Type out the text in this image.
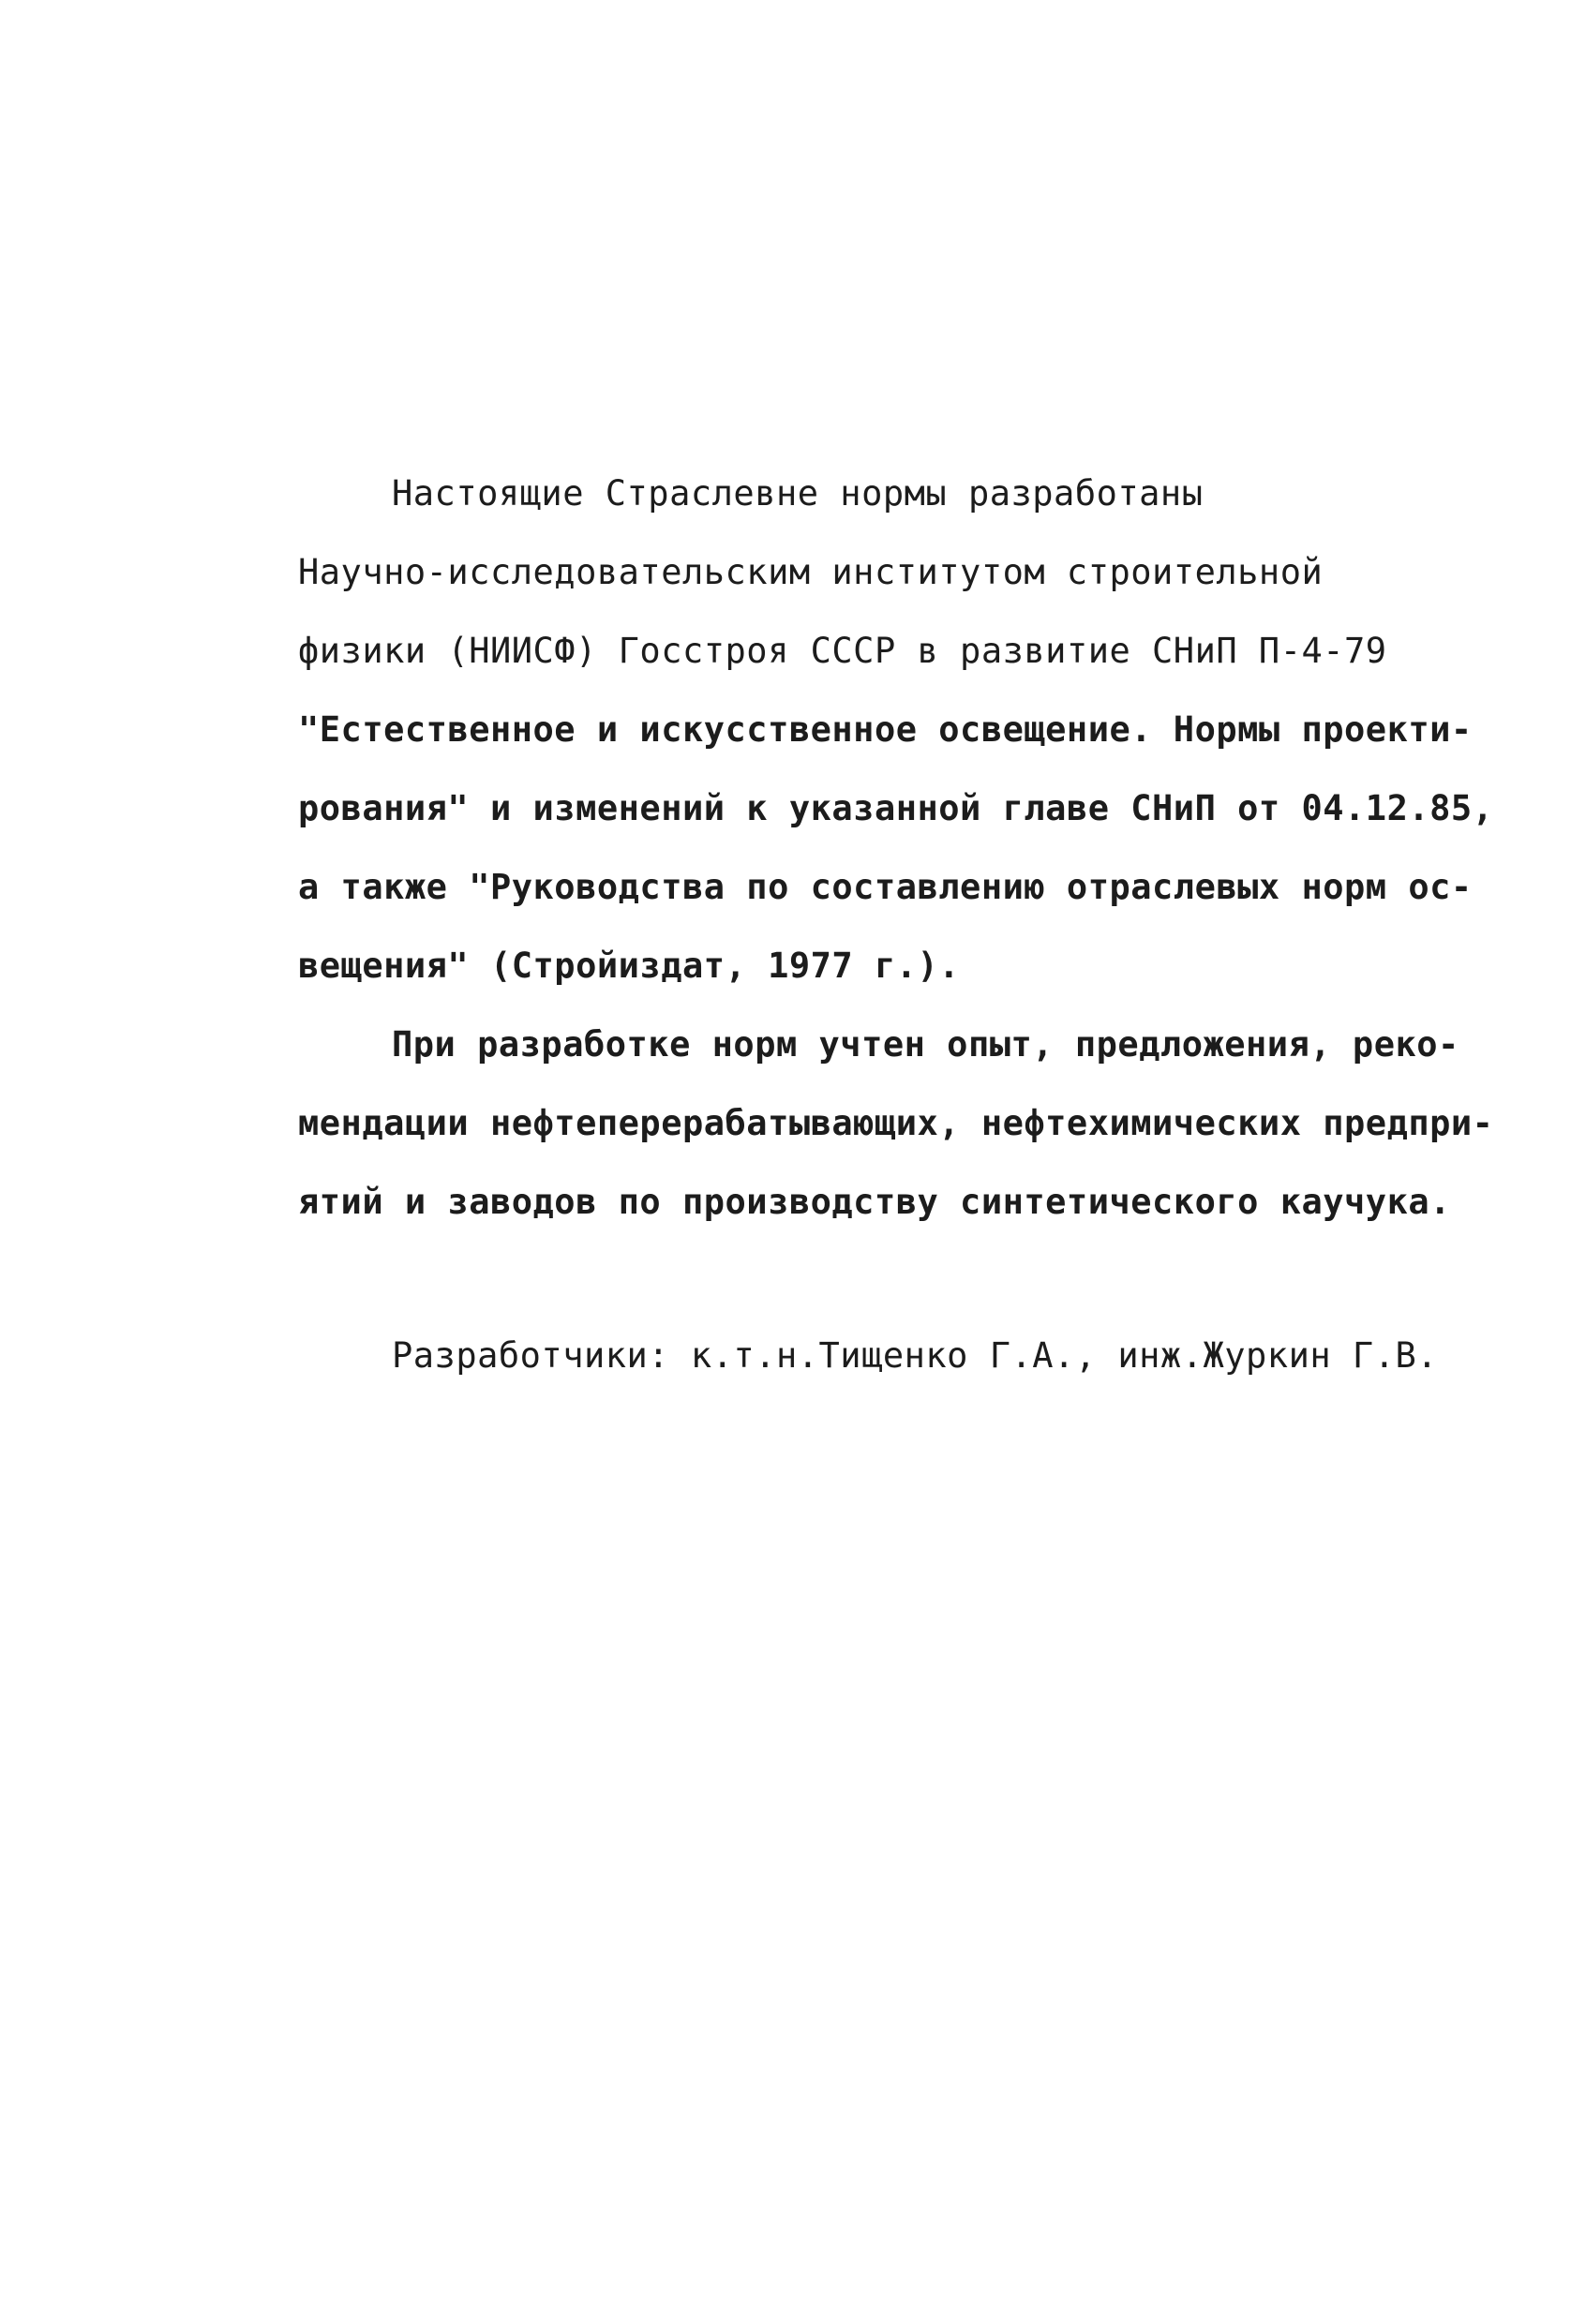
Настоящие Страслевне нормы разработаны
Научно-исследовательским институтом строительной
физики (НИИСФ) Госстроя СССР в развитие СНиП П-4-79
"Естественное и искусственное освещение. Нормы проекти-
рования" и изменений к указанной главе СНиП от 04.12.85,
а также "Руководства по составлению отраслевых норм ос-
вещения" (Стройиздат, 1977 г.).
При разработке норм учтен опыт, предложения, реко-
мендации нефтеперерабатывающих, нефтехимических предпри-
ятий и заводов по производству синтетического каучука.
Разработчики: к.т.н.Тищенко Г.А., инж.Журкин Г.В.
